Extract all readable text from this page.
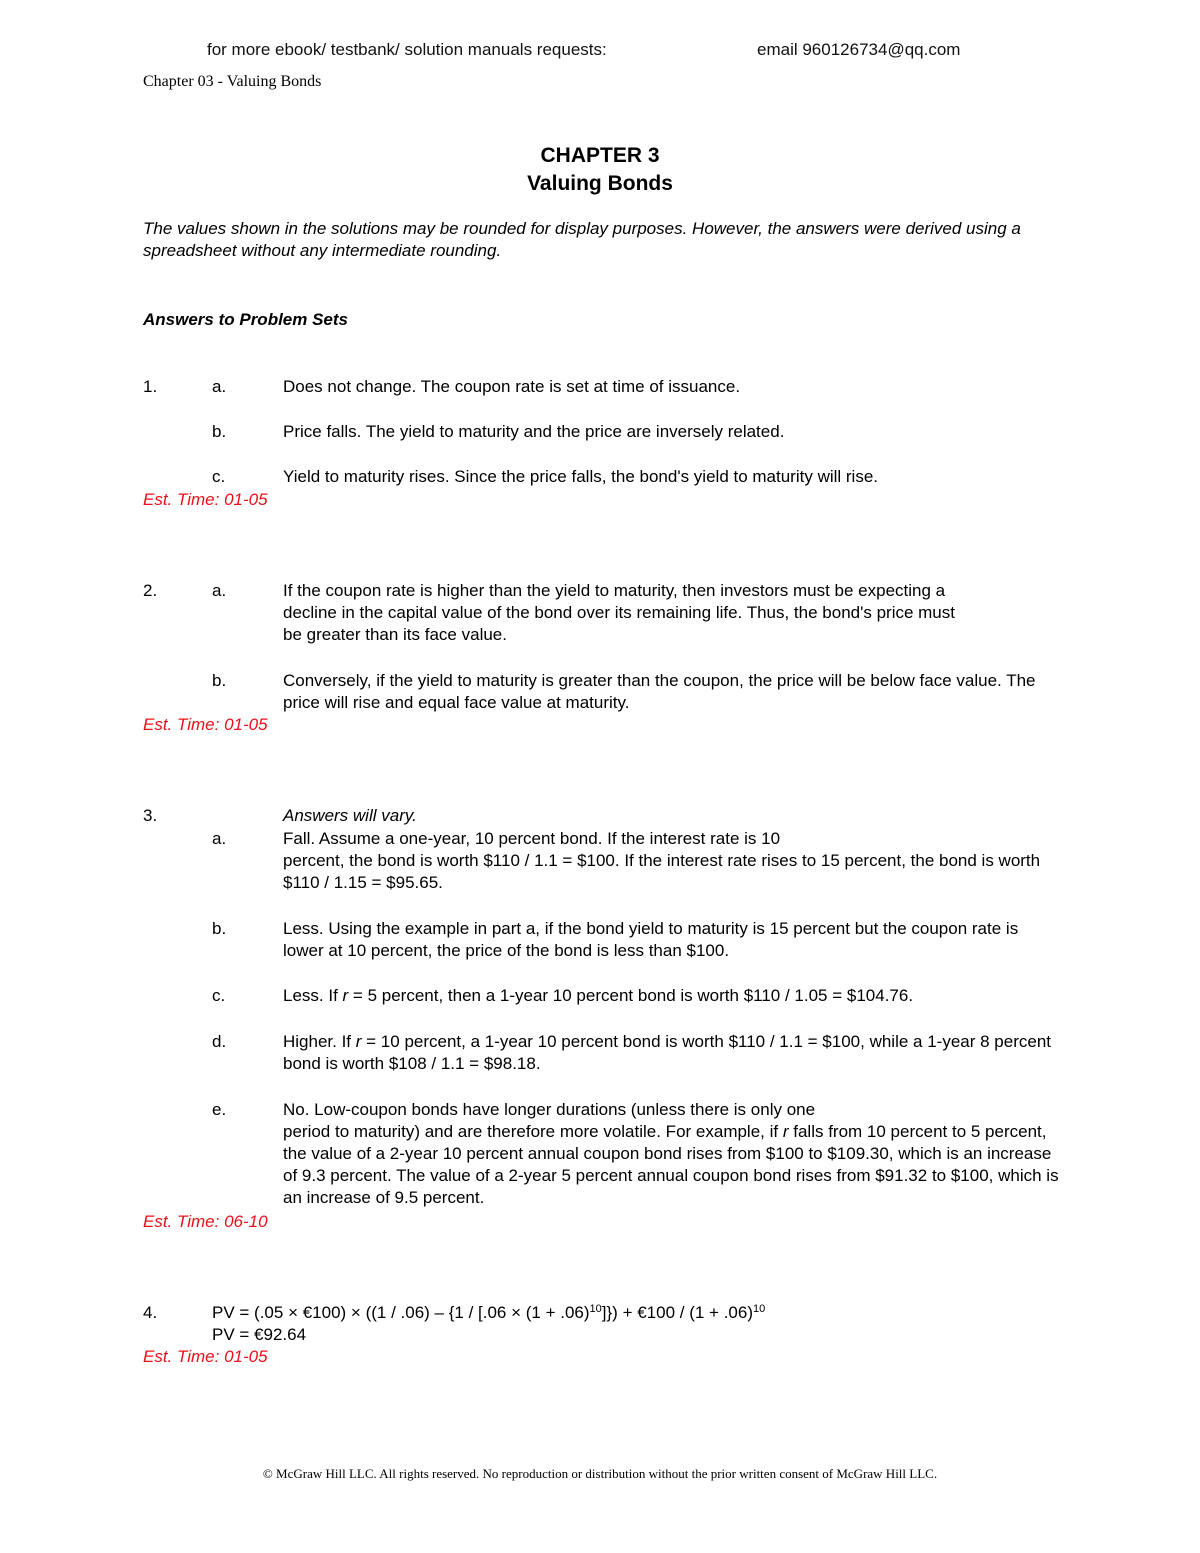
for more ebook/ testbank/ solution manuals requests:	email 960126734@qq.com
Chapter 03 - Valuing Bonds
CHAPTER 3
Valuing Bonds
The values shown in the solutions may be rounded for display purposes. However, the answers were derived using a spreadsheet without any intermediate rounding.
Answers to Problem Sets
1.	a.	Does not change. The coupon rate is set at time of issuance.
b.	Price falls. The yield to maturity and the price are inversely related.
c.	Yield to maturity rises. Since the price falls, the bond's yield to maturity will rise.
Est. Time: 01-05
2.	a.	If the coupon rate is higher than the yield to maturity, then investors must be expecting a decline in the capital value of the bond over its remaining life. Thus, the bond's price must be greater than its face value.
b.	Conversely, if the yield to maturity is greater than the coupon, the price will be below face value. The price will rise and equal face value at maturity.
Est. Time: 01-05
3.	Answers will vary.
a.	Fall. Assume a one-year, 10 percent bond. If the interest rate is 10
percent, the bond is worth $110 / 1.1 = $100. If the interest rate rises to 15 percent, the bond is worth $110 / 1.15 = $95.65.
b.	Less. Using the example in part a, if the bond yield to maturity is 15 percent but the coupon rate is lower at 10 percent, the price of the bond is less than $100.
c.	Less. If r = 5 percent, then a 1-year 10 percent bond is worth $110 / 1.05 = $104.76.
d.	Higher. If r = 10 percent, a 1-year 10 percent bond is worth $110 / 1.1 = $100, while a 1-year 8 percent bond is worth $108 / 1.1 = $98.18.
e.	No. Low-coupon bonds have longer durations (unless there is only one
period to maturity) and are therefore more volatile. For example, if r falls from 10 percent to 5 percent, the value of a 2-year 10 percent annual coupon bond rises from $100 to $109.30, which is an increase of 9.3 percent. The value of a 2-year 5 percent annual coupon bond rises from $91.32 to $100, which is an increase of 9.5 percent.
Est. Time: 06-10
4.	PV = (.05 × €100) × $((1 / .06) - \{1 / [.06 \times (1 + .06)^{10}]\})$ + €100 / $(1 + .06)^{10}$
PV = €92.64
Est. Time: 01-05
© McGraw Hill LLC. All rights reserved. No reproduction or distribution without the prior written consent of McGraw Hill LLC.
